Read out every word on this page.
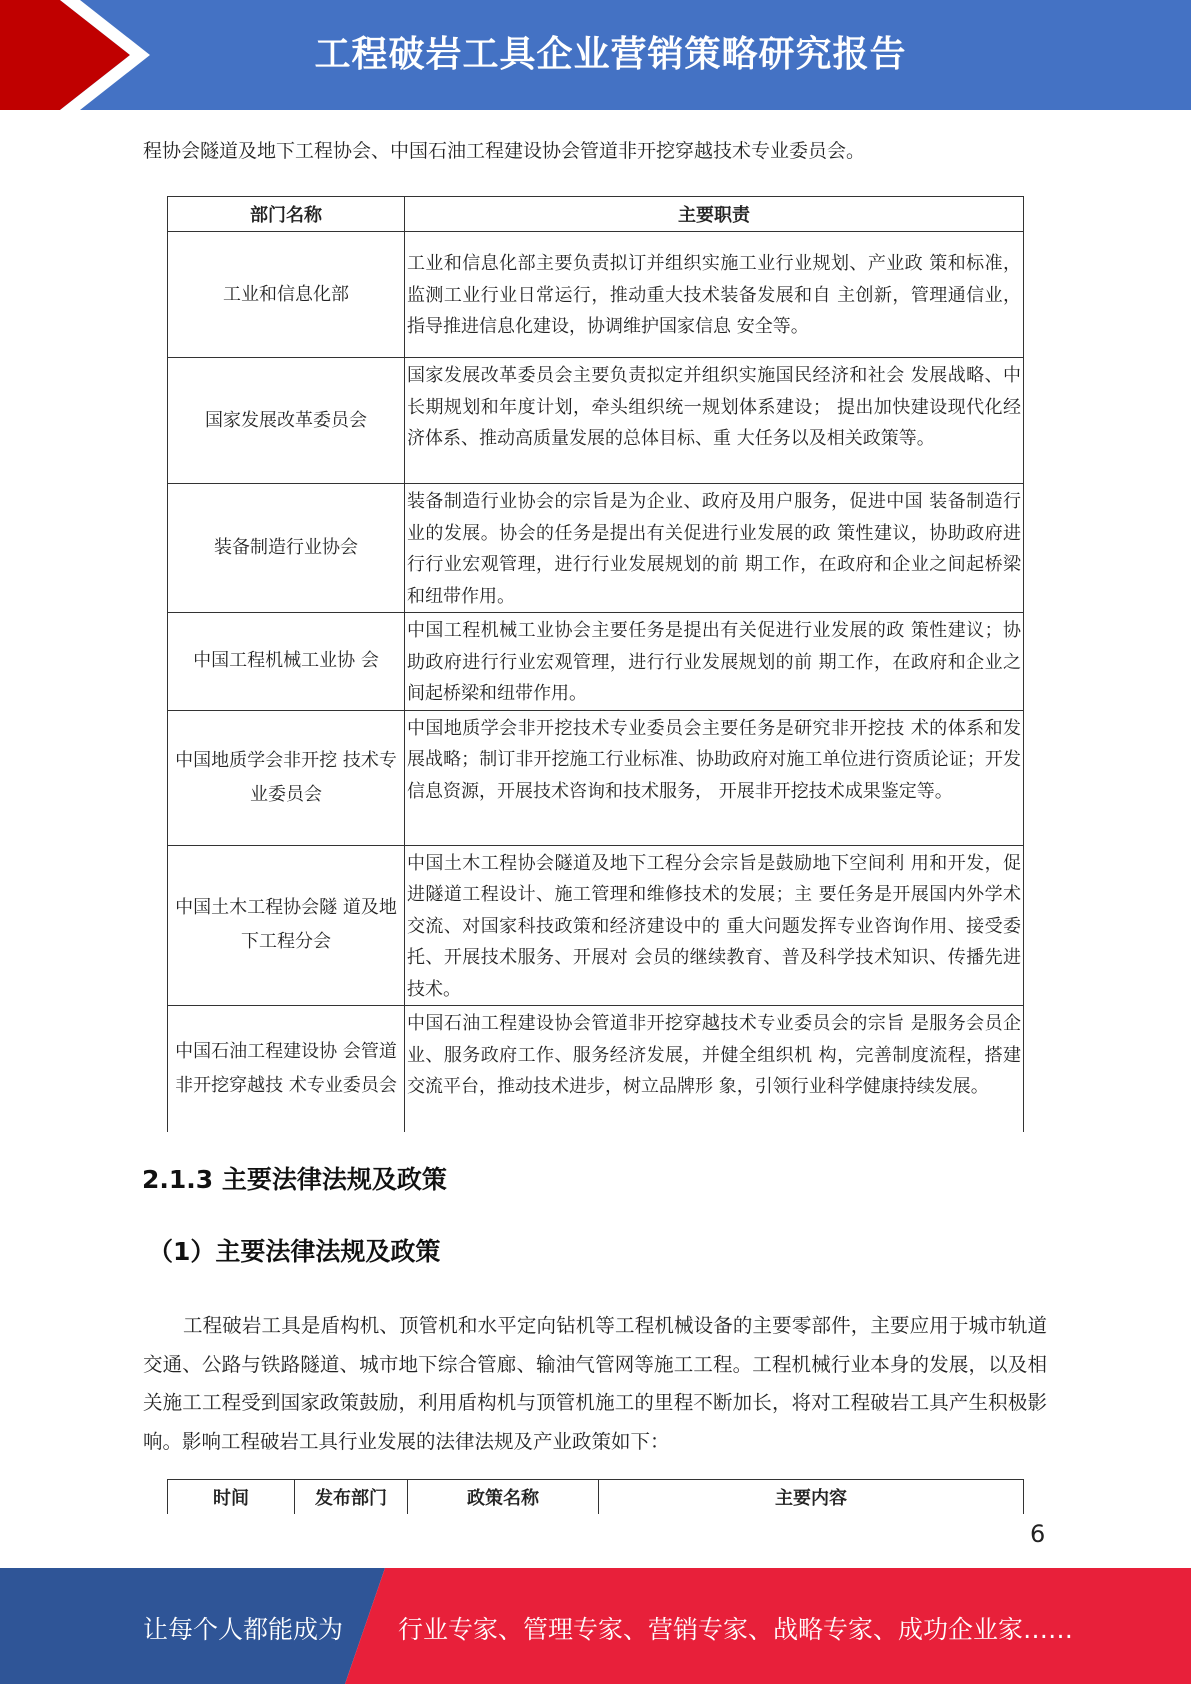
工程破岩工具企业营销策略研究报告
程协会隧道及地下工程协会、中国石油工程建设协会管道非开挖穿越技术专业委员会。
部门名称	主要职责
工业和信息化部	工业和信息化部主要负责拟订并组织实施工业行业规划、产业政 策和标准，监测工业行业日常运行，推动重大技术装备发展和自 主创新，管理通信业，指导推进信息化建设，协调维护国家信息 安全等。
国家发展改革委员会	国家发展改革委员会主要负责拟定并组织实施国民经济和社会 发展战略、中长期规划和年度计划，牵头组织统一规划体系建设； 提出加快建设现代化经济体系、推动高质量发展的总体目标、重 大任务以及相关政策等。
装备制造行业协会	装备制造行业协会的宗旨是为企业、政府及用户服务，促进中国 装备制造行业的发展。协会的任务是提出有关促进行业发展的政 策性建议，协助政府进行行业宏观管理，进行行业发展规划的前 期工作，在政府和企业之间起桥梁和纽带作用。
中国工程机械工业协 会	中国工程机械工业协会主要任务是提出有关促进行业发展的政 策性建议；协助政府进行行业宏观管理，进行行业发展规划的前 期工作，在政府和企业之间起桥梁和纽带作用。
中国地质学会非开挖 技术专业委员会	中国地质学会非开挖技术专业委员会主要任务是研究非开挖技 术的体系和发展战略；制订非开挖施工行业标准、协助政府对施工单位进行资质论证；开发信息资源，开展技术咨询和技术服务， 开展非开挖技术成果鉴定等。
中国土木工程协会隧 道及地下工程分会	中国土木工程协会隧道及地下工程分会宗旨是鼓励地下空间利 用和开发，促进隧道工程设计、施工管理和维修技术的发展；主 要任务是开展国内外学术交流、对国家科技政策和经济建设中的 重大问题发挥专业咨询作用、接受委托、开展技术服务、开展对 会员的继续教育、普及科学技术知识、传播先进技术。
中国石油工程建设协 会管道非开挖穿越技 术专业委员会	中国石油工程建设协会管道非开挖穿越技术专业委员会的宗旨 是服务会员企业、服务政府工作、服务经济发展，并健全组织机 构，完善制度流程，搭建交流平台，推动技术进步，树立品牌形 象，引领行业科学健康持续发展。
2.1.3 主要法律法规及政策
（1）主要法律法规及政策
工程破岩工具是盾构机、顶管机和水平定向钻机等工程机械设备的主要零部件，主要应用于城市轨道交通、公路与铁路隧道、城市地下综合管廊、输油气管网等施工工程。工程机械行业本身的发展，以及相关施工工程受到国家政策鼓励，利用盾构机与顶管机施工的里程不断加长，将对工程破岩工具产生积极影响。影响工程破岩工具行业发展的法律法规及产业政策如下：
时间	发布部门	政策名称	主要内容
6
让每个人都能成为 行业专家、管理专家、营销专家、战略专家、成功企业家……
